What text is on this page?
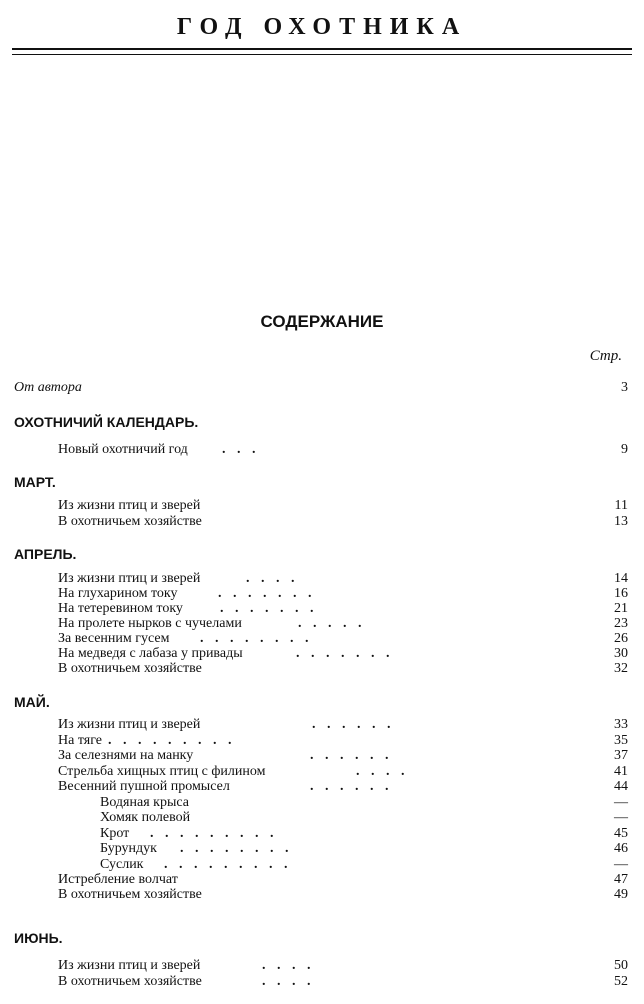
ГОД ОХОТНИКА
СОДЕРЖАНИЕ
Стр.
От автора	3
ОХОТНИЧИЙ КАЛЕНДАРЬ.
Новый охотничий год . . .	9
МАРТ.
Из жизни птиц и зверей	11
В охотничьем хозяйстве	13
АПРЕЛЬ.
Из жизни птиц и зверей	. . . .	14
На глухарином току	. . . . . . .	16
На тетеревином току	. . . . . . .	21
На пролете нырков с чучелами	. . . . .	23
За весенним гусем . . . . . . . .	26
На медведя с лабаза у привады	. . . . . . .	30
В охотничьем хозяйстве	32
МАЙ.
Из жизни птиц и зверей	. . . . . .	33
На тяге . . . . . . . . .	35
За селезнями на манку	. . . . . .	37
Стрельба хищных птиц с филином	. . . .	41
Весенний пушной промысел	. . . . . .	44
Водяная крыса	—
Хомяк полевой	—
Крот . . . . . . . . .	45
Бурундук . . . . . . . .	46
Суслик . . . . . . . . .	—
Истребление волчат	47
В охотничьем хозяйстве	49
ИЮНЬ.
Из жизни птиц и зверей	. . . .	50
В охотничьем хозяйстве	. . . .	52
